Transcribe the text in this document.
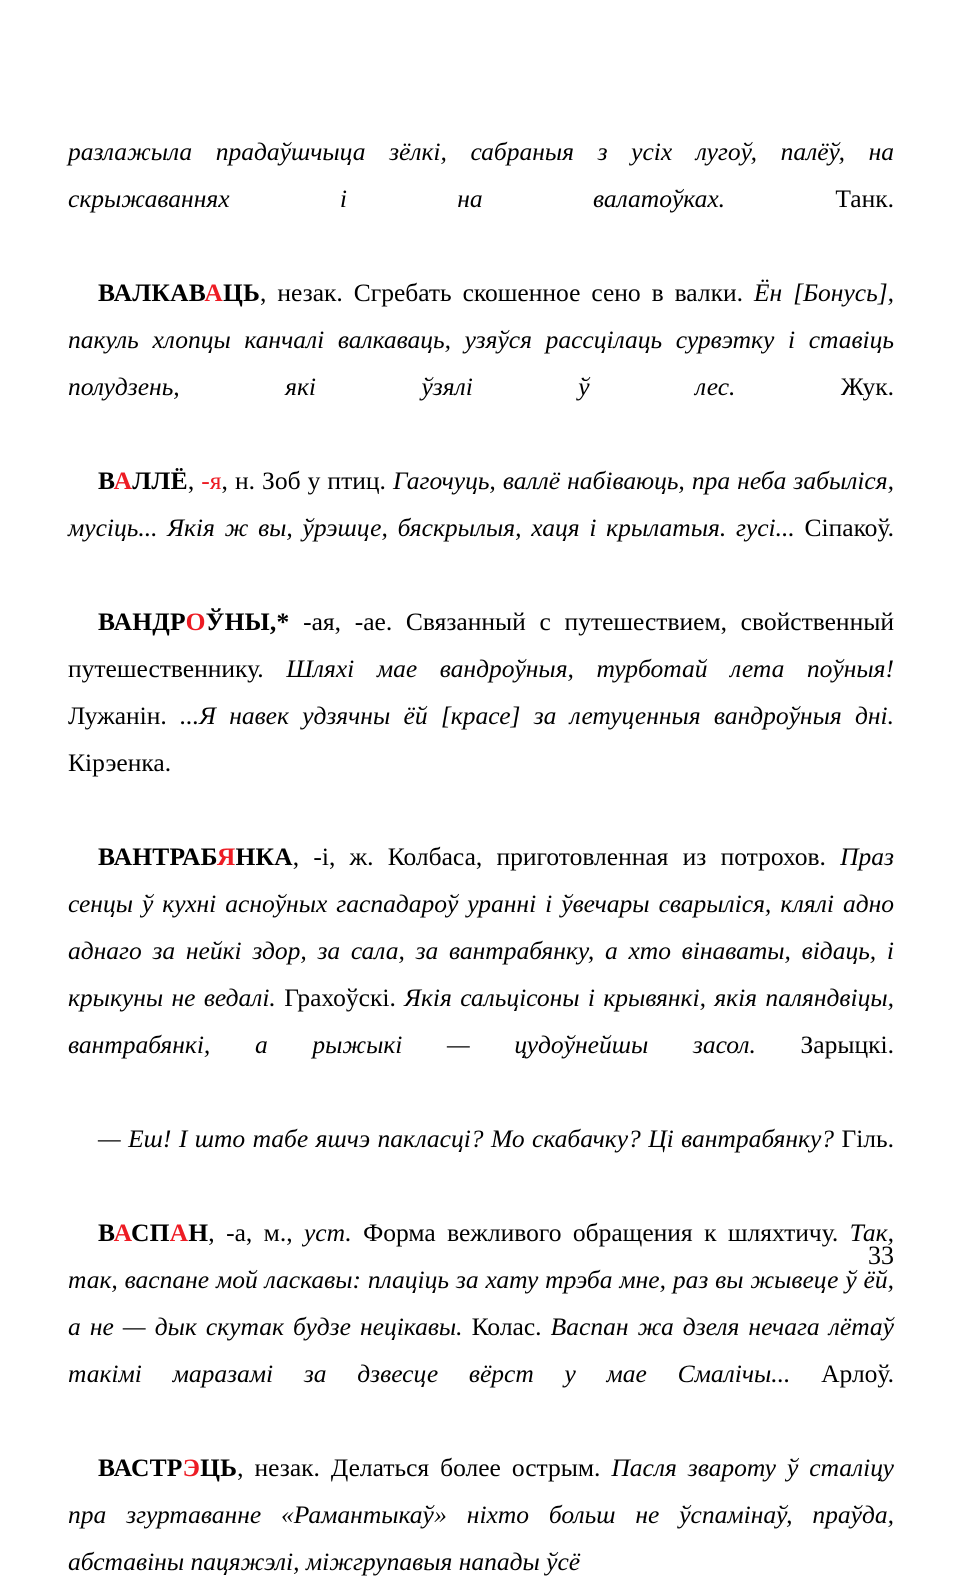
разлажыла прадаўшчыца зёлкі, сабраныя з усіх лугоў, палёў, на скрыжаваннях і на валатоўках.	Танк.

ВАЛКАВАЦЬ, незак. Сгребать скошенное сено в валки. Ён [Бонусь], пакуль хлопцы канчалі валкаваць, узяўся рассцілаць сурвэтку і ставіць полудзень, які ўзялі ў лес.	Жук.

ВАЛЛЁ, -я, н. Зоб у птиц. Гагочуць, валлё набіваюць, пра неба забыліся, мусіць... Якія ж вы, ўрэшце, бяскрылыя, хаця і крылатыя. гусі... Сіпакоў.

ВАНДРОЎНЫ,* -ая, -ае. Связанный с путешествием, свойственный путешественнику. Шляхі мае вандроўныя, турботай лета поўныя! Лужанін. ...Я навек удзячны ёй [красе] за летуценныя вандроўныя дні. Кірэенка.

ВАНТРАБЯНКА, -і, ж. Колбаса, приготовленная из потрохов. Праз сенцы ў кухні асноўных гаспадароў уранні і ўвечары сварыліся, клялі адно аднаго за нейкі здор, за сала, за вантрабянку, а хто вінаваты, відаць, і крыкуны не ведалі. Грахоўскі. Якія сальцісоны і крывянкі, якія паляндвіцы, вантрабянкі, а рыжыкі — цудоўнейшы засол. Зарыцкі.

— Еш! І што табе яшчэ пакласці? Мо скабачку? Ці вантрабянку? Гіль.

ВАСПАН, -а, м., уст. Форма вежливого обращения к шляхтичу. Так, так, васпане мой ласкавы: плаціць за хату трэба мне, раз вы жывеце ў ёй, а не — дык скутак будзе нецікавы. Колас. Васпан жа дзеля нечага лётаў такімі маразамі за дзвесце вёрст у мае Смалічы... Арлоў.

ВАСТРЭЦЬ, незак. Делаться более острым. Пасля звароту ў сталіцу пра згуртаванне «Рамантыкаў» ніхто больш не ўспамінаў, праўда, абставіны пацяжэлі, міжгрупавыя напады ўсё

33
